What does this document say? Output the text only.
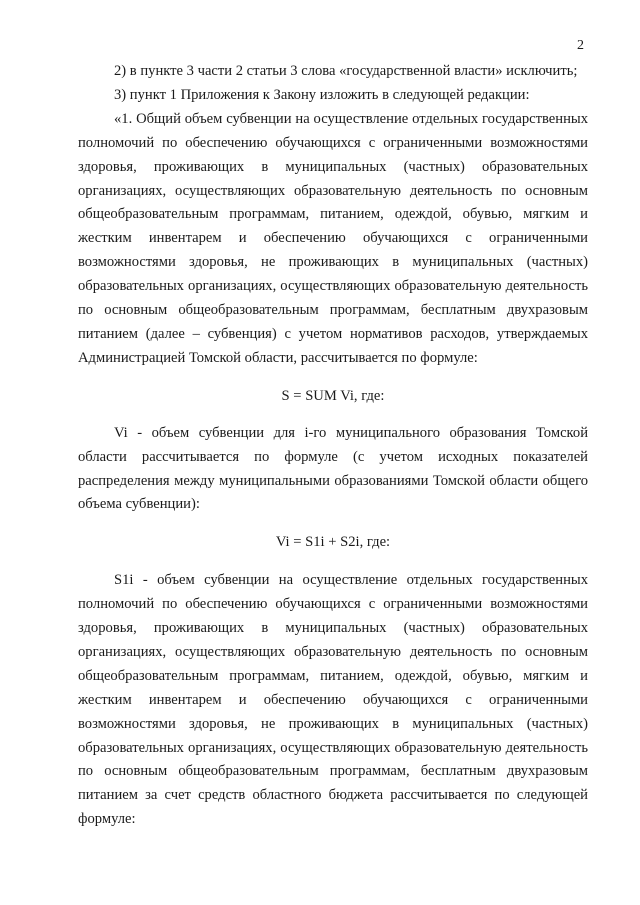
2

2) в пункте 3 части 2 статьи 3 слова «государственной власти» исключить;

3) пункт 1 Приложения к Закону изложить в следующей редакции:

«1. Общий объем субвенции на осуществление отдельных государственных полномочий по обеспечению обучающихся с ограниченными возможностями здоровья, проживающих в муниципальных (частных) образовательных организациях, осуществляющих образовательную деятельность по основным общеобразовательным программам, питанием, одеждой, обувью, мягким и жестким инвентарем и обеспечению обучающихся с ограниченными возможностями здоровья, не проживающих в муниципальных (частных) образовательных организациях, осуществляющих образовательную деятельность по основным общеобразовательным программам, бесплатным двухразовым питанием (далее – субвенция) с учетом нормативов расходов, утверждаемых Администрацией Томской области, рассчитывается по формуле:

S = SUM Vi, где:

Vi - объем субвенции для i-го муниципального образования Томской области рассчитывается по формуле (с учетом исходных показателей распределения между муниципальными образованиями Томской области общего объема субвенции):

Vi = S1i + S2i, где:

S1i - объем субвенции на осуществление отдельных государственных полномочий по обеспечению обучающихся с ограниченными возможностями здоровья, проживающих в муниципальных (частных) образовательных организациях, осуществляющих образовательную деятельность по основным общеобразовательным программам, питанием, одеждой, обувью, мягким и жестким инвентарем и обеспечению обучающихся с ограниченными возможностями здоровья, не проживающих в муниципальных (частных) образовательных организациях, осуществляющих образовательную деятельность по основным общеобразовательным программам, бесплатным двухразовым питанием за счет средств областного бюджета рассчитывается по следующей формуле:
